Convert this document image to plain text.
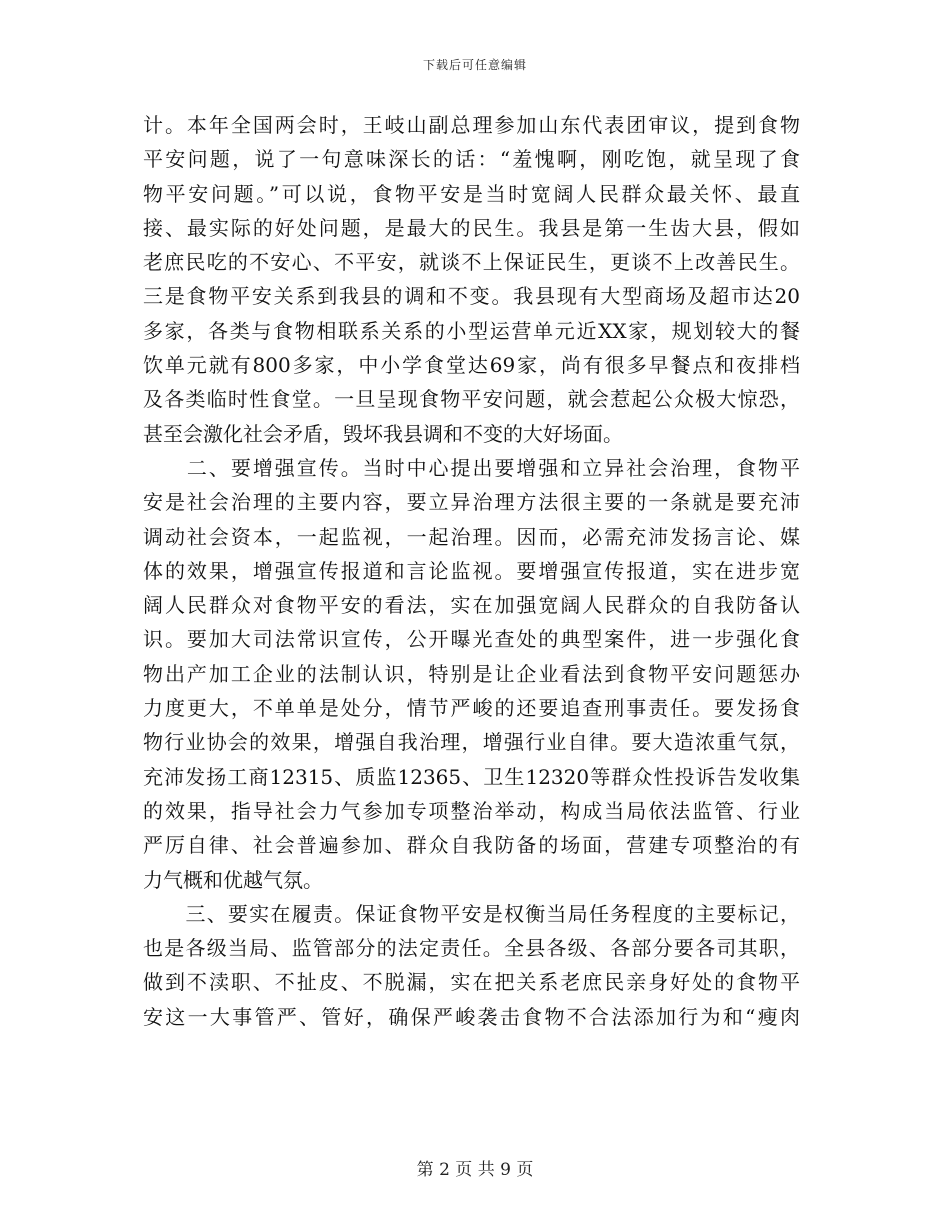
下载后可任意编辑
计。本年全国两会时，王岐山副总理参加山东代表团审议，提到食物
平安问题，说了一句意味深长的话：“羞愧啊，刚吃饱，就呈现了食
物平安问题。”可以说，食物平安是当时宽阔人民群众最关怀、最直
接、最实际的好处问题，是最大的民生。我县是第一生齿大县，假如
老庶民吃的不安心、不平安，就谈不上保证民生，更谈不上改善民生。
三是食物平安关系到我县的调和不变。我县现有大型商场及超市达20
多家，各类与食物相联系关系的小型运营单元近XX家，规划较大的餐
饮单元就有800多家，中小学食堂达69家，尚有很多早餐点和夜排档
及各类临时性食堂。一旦呈现食物平安问题，就会惹起公众极大惊恐，
甚至会激化社会矛盾，毁坏我县调和不变的大好场面。
　　二、要增强宣传。当时中心提出要增强和立异社会治理，食物平
安是社会治理的主要内容，要立异治理方法很主要的一条就是要充沛
调动社会资本，一起监视，一起治理。因而，必需充沛发扬言论、媒
体的效果，增强宣传报道和言论监视。要增强宣传报道，实在进步宽
阔人民群众对食物平安的看法，实在加强宽阔人民群众的自我防备认
识。要加大司法常识宣传，公开曝光查处的典型案件，进一步强化食
物出产加工企业的法制认识，特别是让企业看法到食物平安问题惩办
力度更大，不单单是处分，情节严峻的还要追查刑事责任。要发扬食
物行业协会的效果，增强自我治理，增强行业自律。要大造浓重气氛，
充沛发扬工商12315、质监12365、卫生12320等群众性投诉告发收集
的效果，指导社会力气参加专项整治举动，构成当局依法监管、行业
严厉自律、社会普遍参加、群众自我防备的场面，营建专项整治的有
力气概和优越气氛。
　　三、要实在履责。保证食物平安是权衡当局任务程度的主要标记，
也是各级当局、监管部分的法定责任。全县各级、各部分要各司其职，
做到不渎职、不扯皮、不脱漏，实在把关系老庶民亲身好处的食物平
安这一大事管严、管好，确保严峻袭击食物不合法添加行为和“瘦肉
第 2 页 共 9 页
